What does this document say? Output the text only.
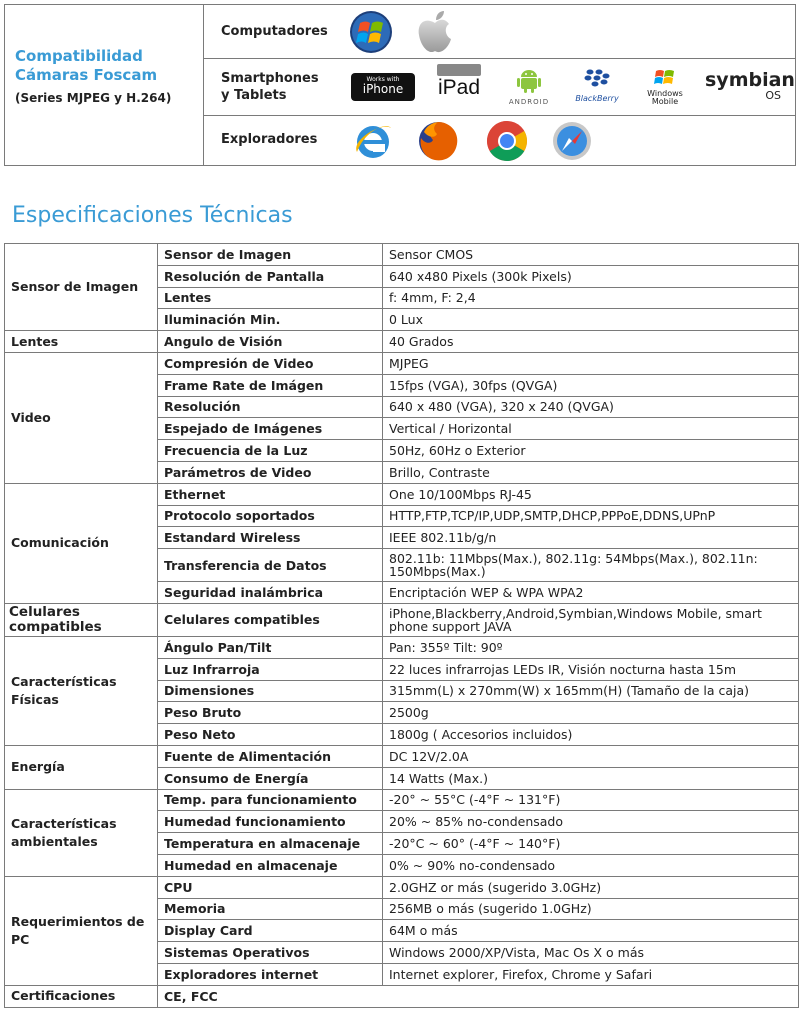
Compatibilidad Cámaras Foscam
(Series MJPEG y H.264)
Computadores
Smartphones y Tablets
Works with
iPhone	iPad
ANDROID	BlackBerry
Windows Mobile
symbian
OS
Exploradores
Especificaciones Técnicas
Sensor de Imagen	Sensor de Imagen	Sensor CMOS
	Resolución de Pantalla	640 x480 Pixels (300k Pixels)
	Lentes	f: 4mm, F: 2,4
	Iluminación Min.	0 Lux
Lentes	Angulo de Visión	40 Grados
Video	Compresión de Video	MJPEG
	Frame Rate de Imágen	15fps (VGA), 30fps (QVGA)
	Resolución	640 x 480 (VGA), 320 x 240 (QVGA)
	Espejado de Imágenes	Vertical / Horizontal
	Frecuencia de la Luz	50Hz, 60Hz o Exterior
	Parámetros de Video	Brillo, Contraste
Comunicación	Ethernet	One 10/100Mbps RJ-45
	Protocolo soportados	HTTP,FTP,TCP/IP,UDP,SMTP,DHCP,PPPoE,DDNS,UPnP
	Estandard Wireless	IEEE 802.11b/g/n
	Transferencia de Datos	802.11b: 11Mbps(Max.), 802.11g: 54Mbps(Max.), 802.11n: 150Mbps(Max.)
	Seguridad inalámbrica	Encriptación WEP & WPA WPA2
Celulares compatibles	Celulares compatibles	iPhone,Blackberry,Android,Symbian,Windows Mobile, smart phone support JAVA
Características Físicas	Ángulo Pan/Tilt	Pan: 355º Tilt: 90º
	Luz Infrarroja	22 luces infrarrojas LEDs IR, Visión nocturna hasta 15m
	Dimensiones	315mm(L) x 270mm(W) x 165mm(H) (Tamaño de la caja)
	Peso Bruto	2500g
	Peso Neto	1800g ( Accesorios incluidos)
Energía	Fuente de Alimentación	DC 12V/2.0A
	Consumo de Energía	14 Watts (Max.)
Características ambientales	Temp. para funcionamiento	-20° ~ 55°C (-4°F ~ 131°F)
	Humedad funcionamiento	20% ~ 85% no-condensado
	Temperatura en almacenaje	-20°C ~ 60° (-4°F ~ 140°F)
	Humedad en almacenaje	0% ~ 90% no-condensado
Requerimientos de PC	CPU	2.0GHZ or más (sugerido 3.0GHz)
	Memoria	256MB o más (sugerido 1.0GHz)
	Display Card	64M o más
	Sistemas Operativos	Windows 2000/XP/Vista, Mac Os X o más
	Exploradores internet	Internet explorer, Firefox, Chrome y Safari
Certificaciones	CE, FCC	
